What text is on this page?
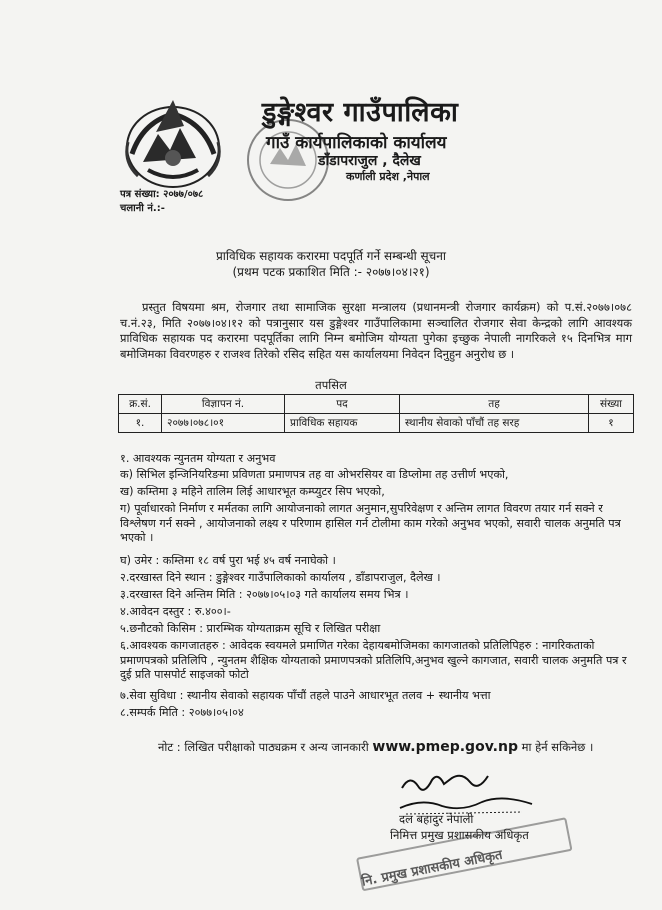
डुङ्गेश्वर गाउँपालिका
गाउँ कार्यपालिकाको कार्यालय
डाँडापराजुल , दैलेख
कर्णाली प्रदेश ,नेपाल
पत्र संख्या: २०७७/०७८
चलानी नं.:-
प्राविधिक सहायक करारमा पदपूर्ति गर्ने सम्बन्धी सूचना
(प्रथम पटक प्रकाशित मिति :- २०७७।०४।२१)
प्रस्तुत विषयमा श्रम, रोजगार तथा सामाजिक सुरक्षा मन्त्रालय (प्रधानमन्त्री रोजगार कार्यक्रम) को प.सं.२०७७।०७८ च.नं.२३, मिति २०७७।०४।१२ को पत्रानुसार यस डुङ्गेश्वर गाउँपालिकामा सञ्चालित रोजगार सेवा केन्द्रको लागि आवश्यक प्राविधिक सहायक पद करारमा पदपूर्तिका लागि निम्न बमोजिम योग्यता पुगेका इच्छुक नेपाली नागरिकले १५ दिनभित्र माग बमोजिमका विवरणहरु र राजश्व तिरेको रसिद सहित यस कार्यालयमा निवेदन दिनुहुन अनुरोध छ ।
तपसिल
क्र.सं.	विज्ञापन नं.	पद	तह	संख्या
१.	२०७७।०७८।०१	प्राविधिक सहायक	स्थानीय सेवाको पाँचौं तह सरह	१
१. आवश्यक न्युनतम योग्यता र अनुभव
क) सिभिल इन्जिनियरिङमा प्रविणता प्रमाणपत्र तह वा ओभरसियर वा डिप्लोमा तह उत्तीर्ण भएको,
ख) कम्तिमा ३ महिने तालिम लिई आधारभूत कम्प्युटर सिप भएको,
ग) पूर्वाधारको निर्माण र मर्मतका लागि आयोजनाको लागत अनुमान,सुपरिवेक्षण र अन्तिम लागत विवरण तयार गर्न सक्ने र विश्लेषण गर्न सक्ने , आयोजनाको लक्ष्य र परिणाम हासिल गर्न टोलीमा काम गरेको अनुभव भएको, सवारी चालक अनुमति पत्र भएको ।
घ) उमेर : कम्तिमा १८ वर्ष पुरा भई ४५ वर्ष ननाघेको ।
२.दरखास्त दिने स्थान : डुङ्गेश्वर गाउँपालिकाको कार्यालय , डाँडापराजुल, दैलेख ।
३.दरखास्त दिने अन्तिम मिति : २०७७।०५।०३ गते कार्यालय समय भित्र ।
४.आवेदन दस्तुर : रु.४००।-
५.छनौटको किसिम : प्रारम्भिक योग्यताक्रम सूचि र लिखित परीक्षा
६.आवश्यक कागजातहरु : आवेदक स्वयमले प्रमाणित गरेका देहायबमोजिमका कागजातको प्रतिलिपिहरु : नागरिकताको प्रमाणपत्रको प्रतिलिपि , न्युनतम शैक्षिक योग्यताको प्रमाणपत्रको प्रतिलिपि,अनुभव खुल्ने कागजात, सवारी चालक अनुमति पत्र र दुई प्रति पासपोर्ट साइजको फोटो
७.सेवा सुविधा : स्थानीय सेवाको सहायक पाँचौं तहले पाउने आधारभूत तलव + स्थानीय भत्ता
८.सम्पर्क मिति : २०७७।०५।०४
नोट : लिखित परीक्षाको पाठ्यक्रम र अन्य जानकारी www.pmep.gov.np मा हेर्न सकिनेछ ।
दल बहादुर नेपाली
निमित्त प्रमुख प्रशासकीय अधिकृत
नि. प्रमुख प्रशासकीय अधिकृत
